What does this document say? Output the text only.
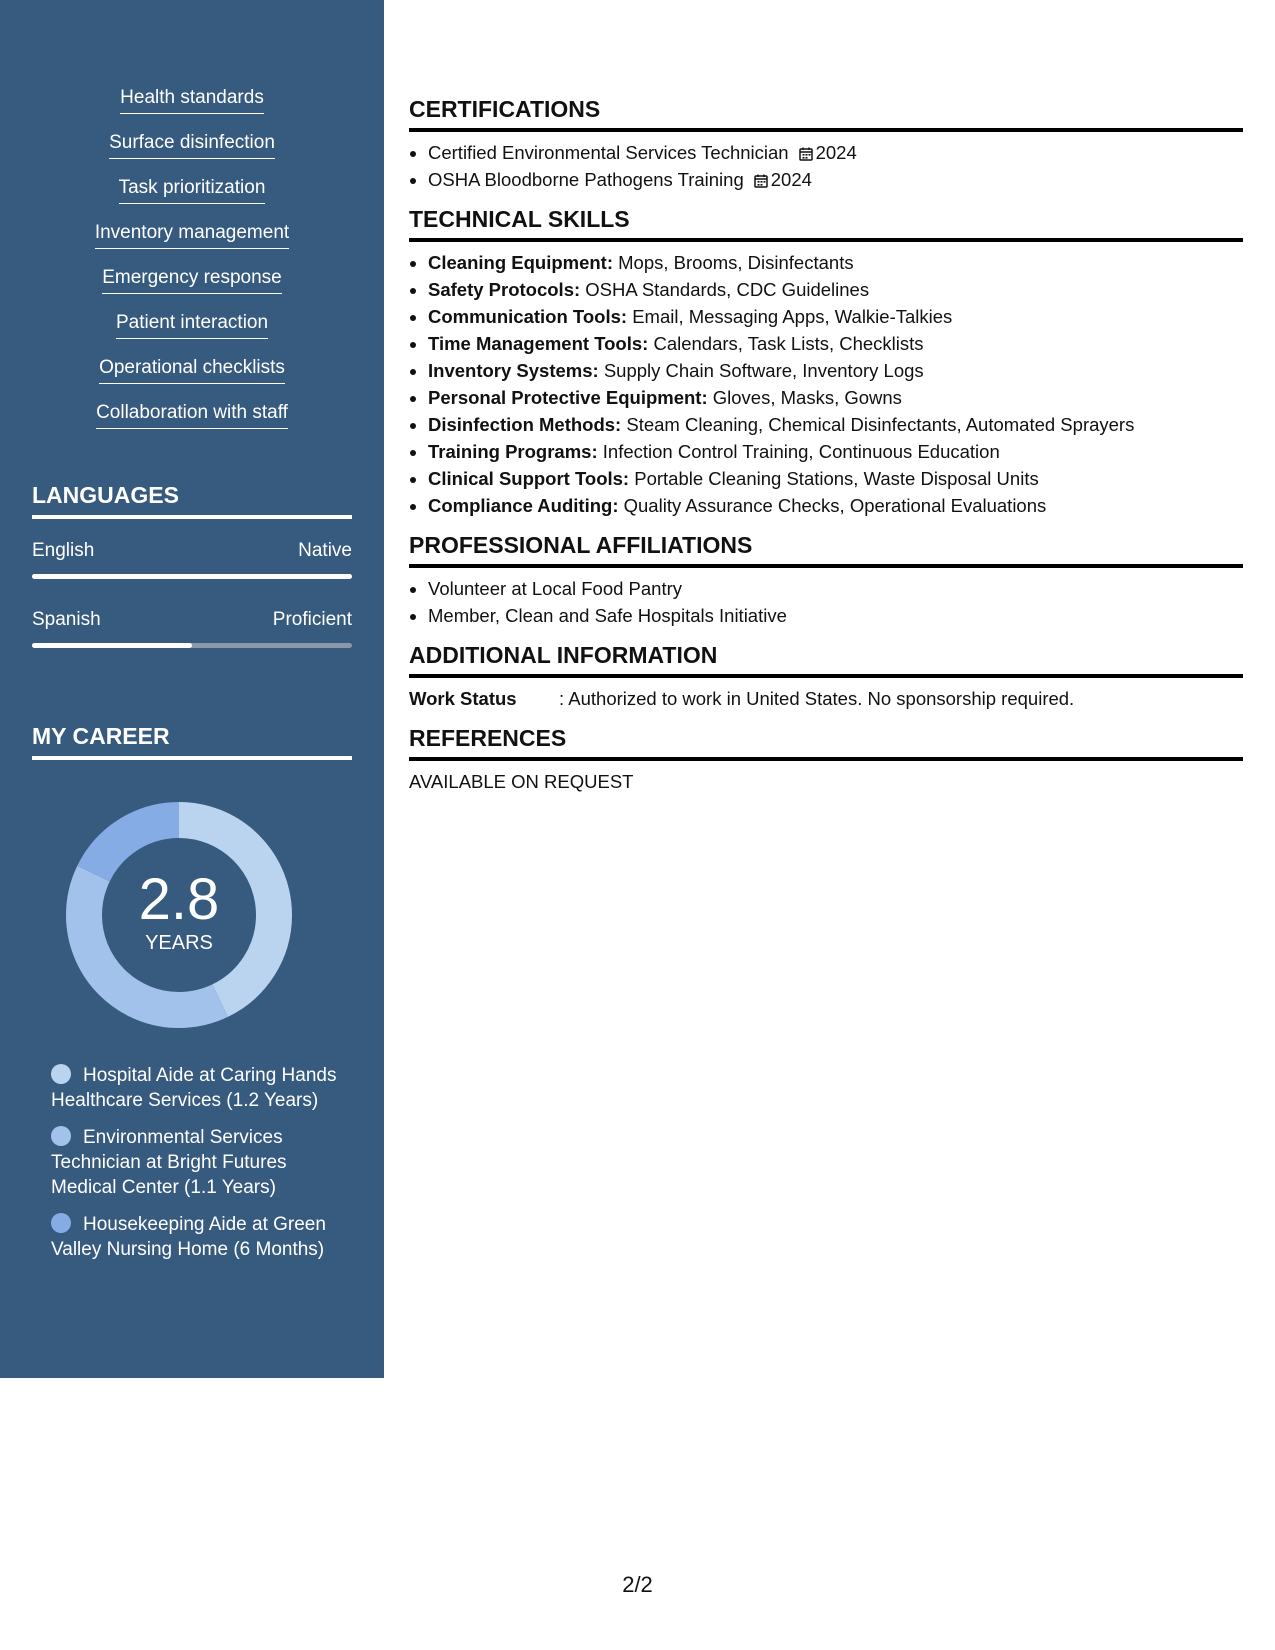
Health standards
Surface disinfection
Task prioritization
Inventory management
Emergency response
Patient interaction
Operational checklists
Collaboration with staff
LANGUAGES
English	Native
Spanish	Proficient
MY CAREER
2.8
YEARS
Hospital Aide at Caring Hands Healthcare Services (1.2 Years)
Environmental Services Technician at Bright Futures Medical Center (1.1 Years)
Housekeeping Aide at Green Valley Nursing Home (6 Months)
CERTIFICATIONS
• Certified Environmental Services Technician 2024
• OSHA Bloodborne Pathogens Training 2024
TECHNICAL SKILLS
• Cleaning Equipment: Mops, Brooms, Disinfectants
• Safety Protocols: OSHA Standards, CDC Guidelines
• Communication Tools: Email, Messaging Apps, Walkie-Talkies
• Time Management Tools: Calendars, Task Lists, Checklists
• Inventory Systems: Supply Chain Software, Inventory Logs
• Personal Protective Equipment: Gloves, Masks, Gowns
• Disinfection Methods: Steam Cleaning, Chemical Disinfectants, Automated Sprayers
• Training Programs: Infection Control Training, Continuous Education
• Clinical Support Tools: Portable Cleaning Stations, Waste Disposal Units
• Compliance Auditing: Quality Assurance Checks, Operational Evaluations
PROFESSIONAL AFFILIATIONS
• Volunteer at Local Food Pantry
• Member, Clean and Safe Hospitals Initiative
ADDITIONAL INFORMATION
Work Status	: Authorized to work in United States. No sponsorship required.
REFERENCES
AVAILABLE ON REQUEST
2/2
